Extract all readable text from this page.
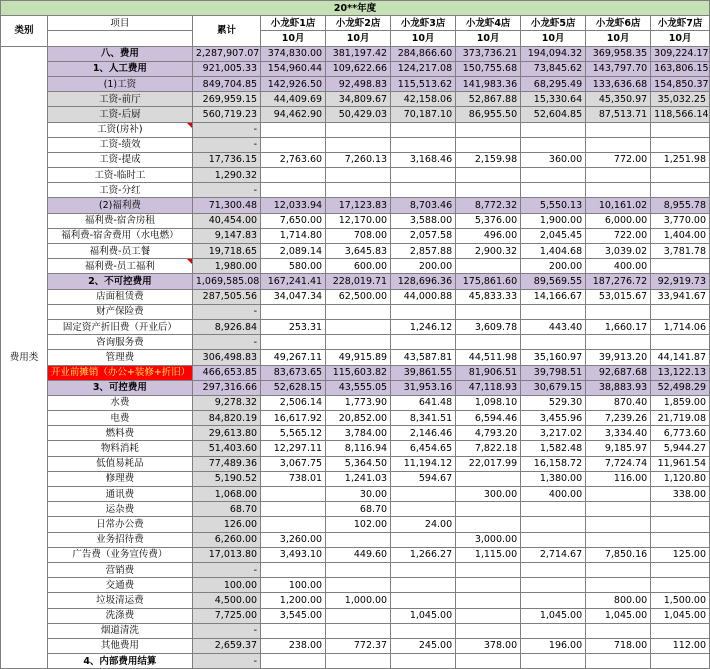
20**年度									
类别	项目	累计	小龙虾1店	小龙虾2店	小龙虾3店	小龙虾4店	小龙虾5店	小龙虾6店	小龙虾7店
			10月	10月	10月	10月	10月	10月	10月
费用类	八、费用	2,287,907.07	374,830.00	381,197.42	284,866.60	373,736.21	194,094.32	369,958.35	309,224.17
	1、人工费用	921,005.33	154,960.44	109,622.66	124,217.08	150,755.68	73,845.62	143,797.70	163,806.15
	(1)工资	849,704.85	142,926.50	92,498.83	115,513.62	141,983.36	68,295.49	133,636.68	154,850.37
	工资-前厅	269,959.15	44,409.69	34,809.67	42,158.06	52,867.88	15,330.64	45,350.97	35,032.25
	工资-后厨	560,719.23	94,462.90	50,429.03	70,187.10	86,955.50	52,604.85	87,513.71	118,566.14
	工资(房补)	-							
	工资-绩效	-							
	工资-提成	17,736.15	2,763.60	7,260.13	3,168.46	2,159.98	360.00	772.00	1,251.98
	工资-临时工	1,290.32							
	工资-分红	-							
	(2)福利费	71,300.48	12,033.94	17,123.83	8,703.46	8,772.32	5,550.13	10,161.02	8,955.78
	福利费-宿舍房租	40,454.00	7,650.00	12,170.00	3,588.00	5,376.00	1,900.00	6,000.00	3,770.00
	福利费-宿舍费用（水电燃）	9,147.83	1,714.80	708.00	2,057.58	496.00	2,045.45	722.00	1,404.00
	福利费-员工餐	19,718.65	2,089.14	3,645.83	2,857.88	2,900.32	1,404.68	3,039.02	3,781.78
	福利费-员工福利	1,980.00	580.00	600.00	200.00		200.00	400.00	
	2、不可控费用	1,069,585.08	167,241.41	228,019.71	128,696.36	175,861.60	89,569.55	187,276.72	92,919.73
	店面租赁费	287,505.56	34,047.34	62,500.00	44,000.88	45,833.33	14,166.67	53,015.67	33,941.67
	财产保险费	-							
	固定资产折旧费（开业后）	8,926.84	253.31		1,246.12	3,609.78	443.40	1,660.17	1,714.06
	咨询服务费	-							
	管理费	306,498.83	49,267.11	49,915.89	43,587.81	44,511.98	35,160.97	39,913.20	44,141.87
	开业前摊销（办公+装修+折旧）	466,653.85	83,673.65	115,603.82	39,861.55	81,906.51	39,798.51	92,687.68	13,122.13
	3、可控费用	297,316.66	52,628.15	43,555.05	31,953.16	47,118.93	30,679.15	38,883.93	52,498.29
	水费	9,278.32	2,506.14	1,773.90	641.48	1,098.10	529.30	870.40	1,859.00
	电费	84,820.19	16,617.92	20,852.00	8,341.51	6,594.46	3,455.96	7,239.26	21,719.08
	燃料费	29,613.80	5,565.12	3,784.00	2,146.46	4,793.20	3,217.02	3,334.40	6,773.60
	物料消耗	51,403.60	12,297.11	8,116.94	6,454.65	7,822.18	1,582.48	9,185.97	5,944.27
	低值易耗品	77,489.36	3,067.75	5,364.50	11,194.12	22,017.99	16,158.72	7,724.74	11,961.54
	修理费	5,190.52	738.01	1,241.03	594.67		1,380.00	116.00	1,120.80
	通讯费	1,068.00		30.00		300.00	400.00		338.00
	运杂费	68.70		68.70					
	日常办公费	126.00		102.00	24.00				
	业务招待费	6,260.00	3,260.00			3,000.00			
	广告费（业务宣传费）	17,013.80	3,493.10	449.60	1,266.27	1,115.00	2,714.67	7,850.16	125.00
	营销费	-							
	交通费	100.00	100.00						
	垃圾清运费	4,500.00	1,200.00	1,000.00				800.00	1,500.00
	洗涤费	7,725.00	3,545.00		1,045.00		1,045.00	1,045.00	1,045.00
	烟道清洗	-							
	其他费用	2,659.37	238.00	772.37	245.00	378.00	196.00	718.00	112.00
	4、内部费用结算	-							
